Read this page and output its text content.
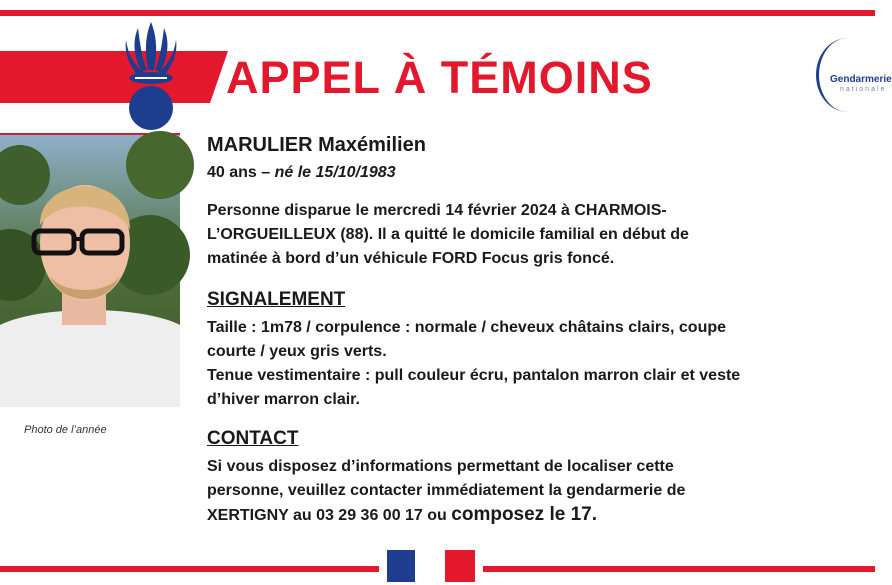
APPEL À TÉMOINS	Gendarmerie
nationale
Photo de l’année
MARULIER Maxémilien
40 ans – né le 15/10/1983
Personne disparue le mercredi 14 février 2024 à CHARMOIS-
L’ORGUEILLEUX (88). Il a quitté le domicile familial en début de
matinée à bord d’un véhicule FORD Focus gris foncé.
SIGNALEMENT
Taille : 1m78 / corpulence : normale / cheveux châtains clairs, coupe
courte / yeux gris verts.
Tenue vestimentaire : pull couleur écru, pantalon marron clair et veste
d’hiver marron clair.
CONTACT
Si vous disposez d’informations permettant de localiser cette
personne, veuillez contacter immédiatement la gendarmerie de
XERTIGNY au 03 29 36 00 17 ou composez le 17.
